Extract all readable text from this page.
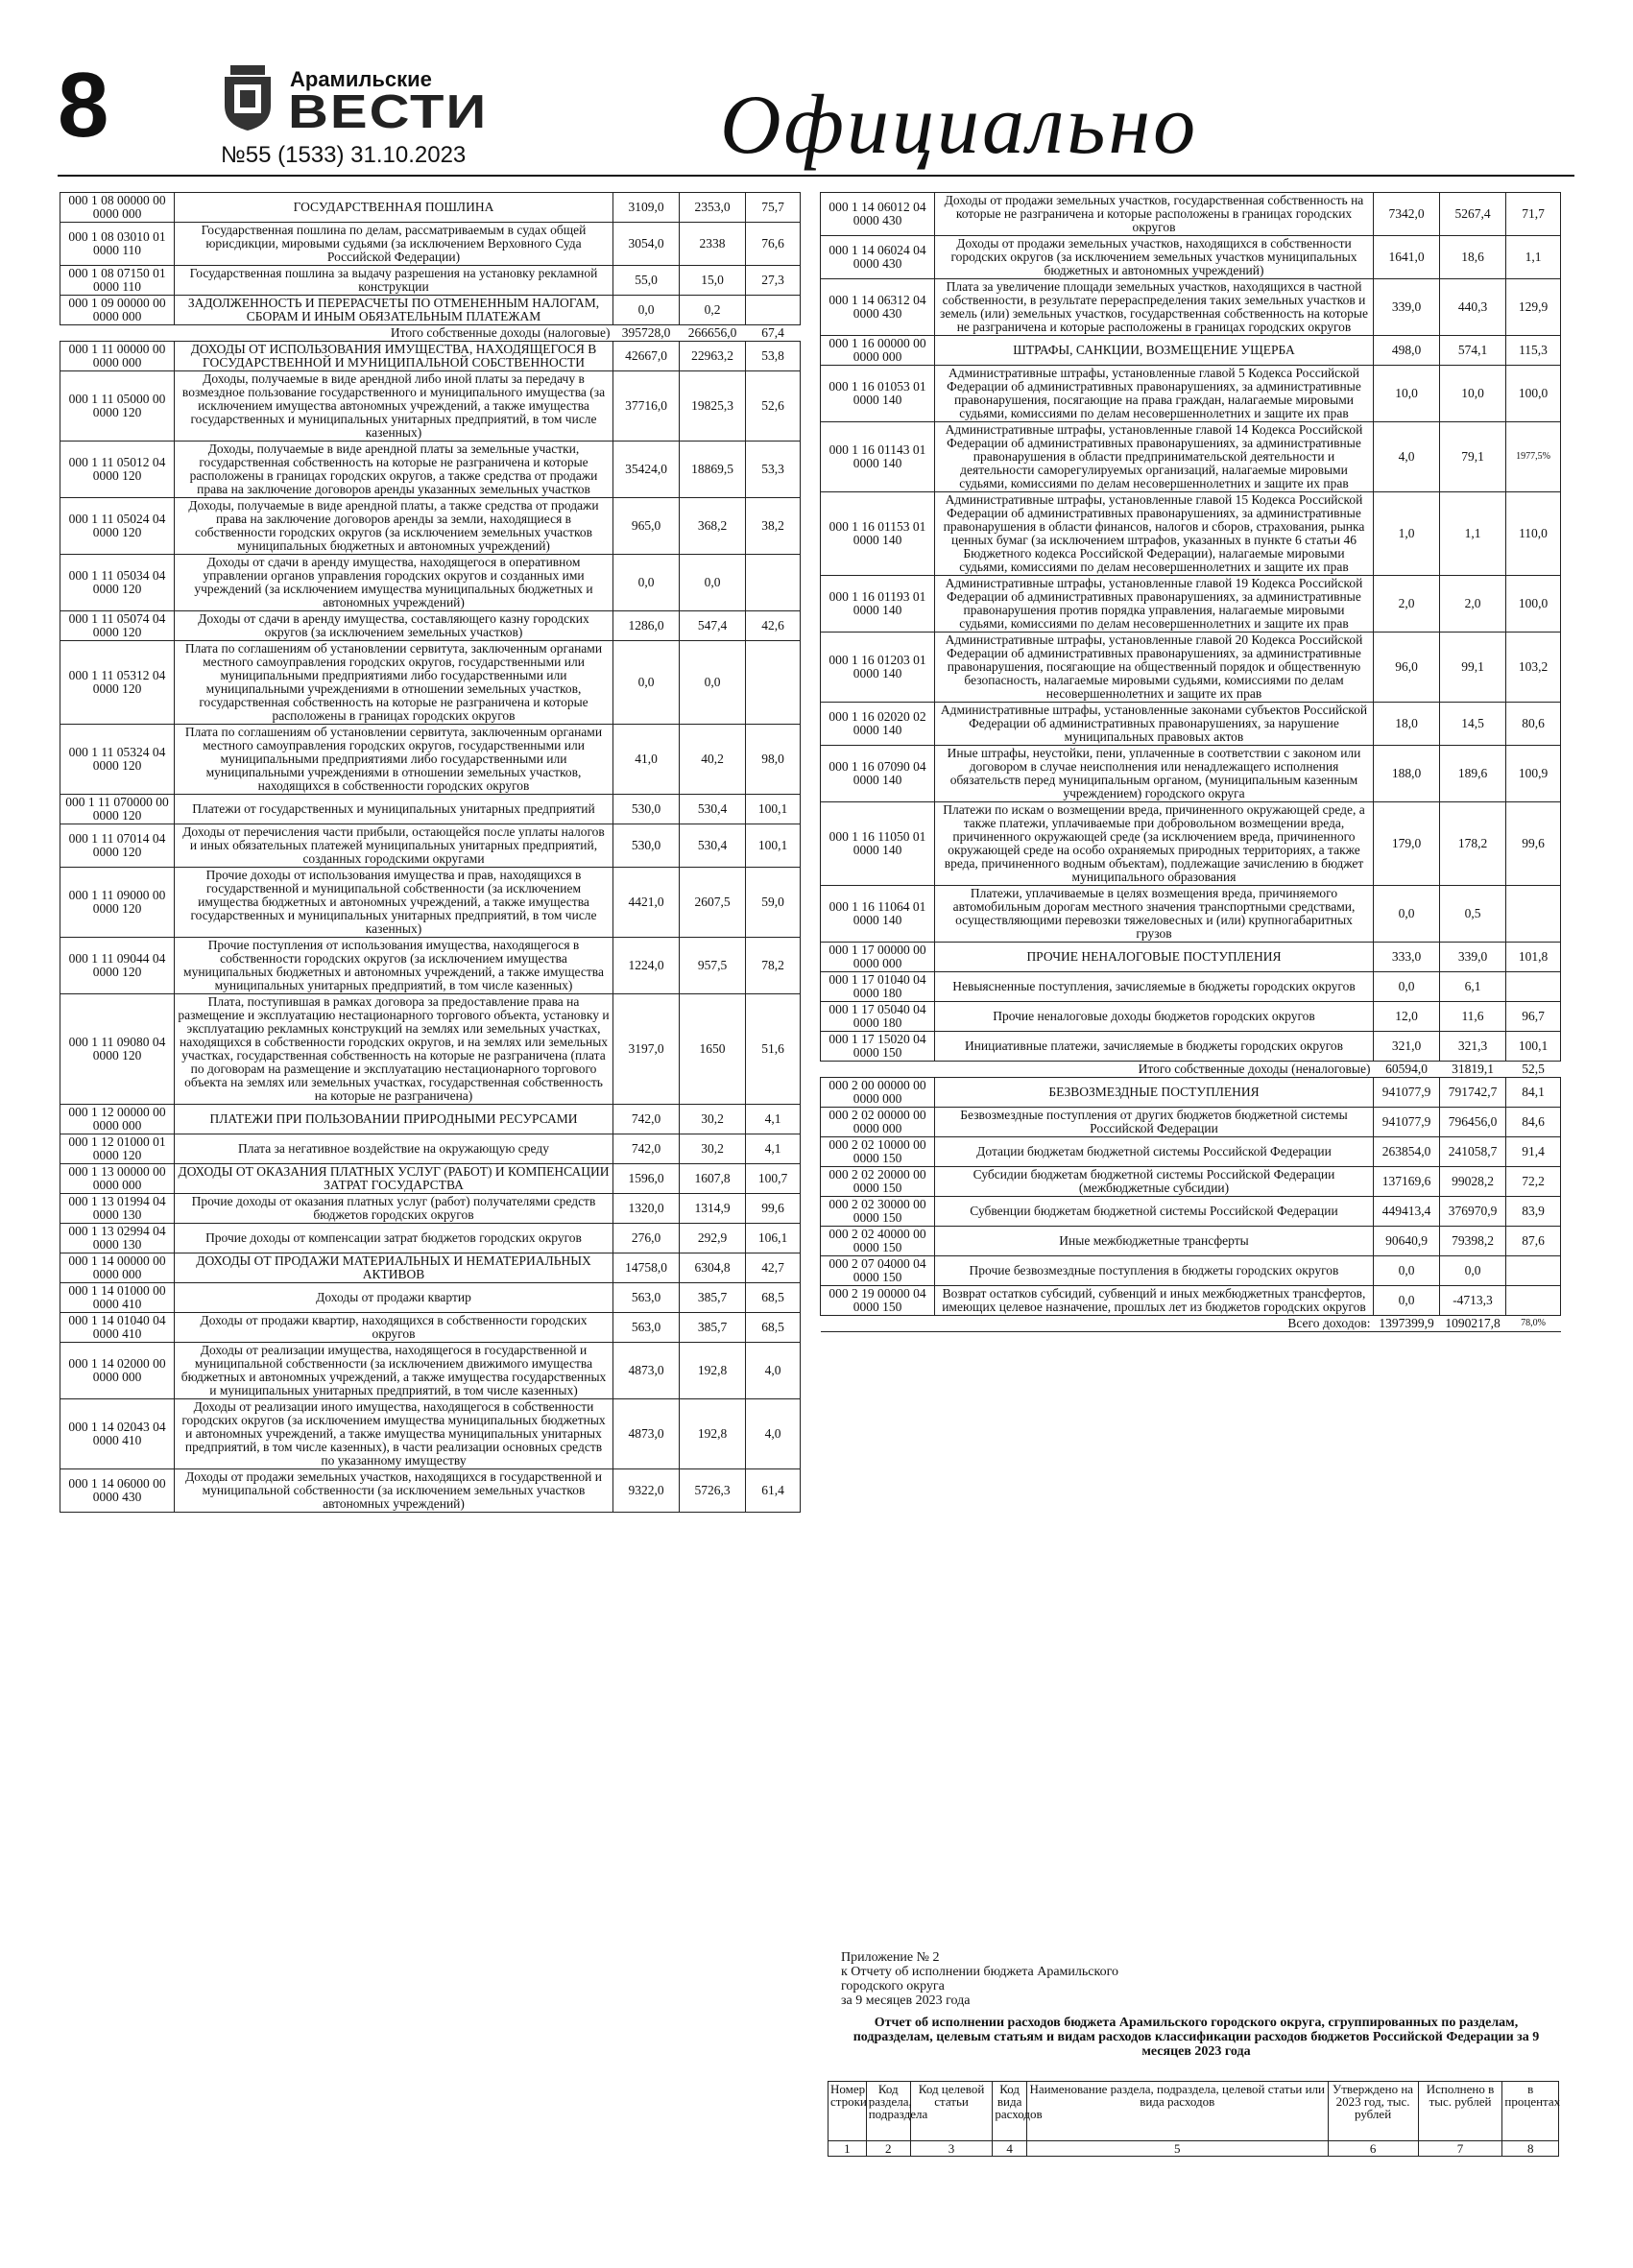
8	Арамильские
ВЕСТИ
№55 (1533) 31.10.2023	Официально
000 1 08 00000 00 0000 000	ГОСУДАРСТВЕННАЯ ПОШЛИНА	3109,0	2353,0	75,7
000 1 08 03010 01 0000 110	Государственная пошлина по делам, рассматриваемым в судах общей юрисдикции, мировыми судьями (за исключением Верховного Суда Российской Федерации)	3054,0	2338	76,6
000 1 08 07150 01 0000 110	Государственная пошлина за выдачу разрешения на установку рекламной конструкции	55,0	15,0	27,3
000 1 09 00000 00 0000 000	ЗАДОЛЖЕННОСТЬ И ПЕРЕРАСЧЕТЫ ПО ОТМЕНЕННЫМ НАЛОГАМ, СБОРАМ И ИНЫМ ОБЯЗАТЕЛЬНЫМ ПЛАТЕЖАМ	0,0	0,2	
	Итого собственные доходы (налоговые)	395728,0	266656,0	67,4
000 1 11 00000 00 0000 000	ДОХОДЫ ОТ ИСПОЛЬЗОВАНИЯ ИМУЩЕСТВА, НАХОДЯЩЕГОСЯ В ГОСУДАРСТВЕННОЙ И МУНИЦИПАЛЬНОЙ СОБСТВЕННОСТИ	42667,0	22963,2	53,8
000 1 11 05000 00 0000 120	Доходы, получаемые в виде арендной либо иной платы за передачу в возмездное пользование государственного и муниципального имущества (за исключением имущества автономных учреждений, а также имущества государственных и муниципальных унитарных предприятий, в том числе казенных)	37716,0	19825,3	52,6
000 1 11 05012 04 0000 120	Доходы, получаемые в виде арендной платы за земельные участки, государственная собственность на которые не разграничена и которые расположены в границах городских округов, а также средства от продажи права на заключение договоров аренды указанных земельных участков	35424,0	18869,5	53,3
000 1 11 05024 04 0000 120	Доходы, получаемые в виде арендной платы, а также средства от продажи права на заключение договоров аренды за земли, находящиеся в собственности городских округов (за исключением земельных участков муниципальных бюджетных и автономных учреждений)	965,0	368,2	38,2
000 1 11 05034 04 0000 120	Доходы от сдачи в аренду имущества, находящегося в оперативном управлении органов управления городских округов и созданных ими учреждений (за исключением имущества муниципальных бюджетных и автономных учреждений)	0,0	0,0	
000 1 11 05074 04 0000 120	Доходы от сдачи в аренду имущества, составляющего казну городских округов (за исключением земельных участков)	1286,0	547,4	42,6
000 1 11 05312 04 0000 120	Плата по соглашениям об установлении сервитута, заключенным органами местного самоуправления городских округов, государственными или муниципальными предприятиями либо государственными или муниципальными учреждениями в отношении земельных участков, государственная собственность на которые не разграничена и которые расположены в границах городских округов	0,0	0,0	
000 1 11 05324 04 0000 120	Плата по соглашениям об установлении сервитута, заключенным органами местного самоуправления городских округов, государственными или муниципальными предприятиями либо государственными или муниципальными учреждениями в отношении земельных участков, находящихся в собственности городских округов	41,0	40,2	98,0
000 1 11 070000 00 0000 120	Платежи от государственных и муниципальных унитарных предприятий	530,0	530,4	100,1
000 1 11 07014 04 0000 120	Доходы от перечисления части прибыли, остающейся после уплаты налогов и иных обязательных платежей муниципальных унитарных предприятий, созданных городскими округами	530,0	530,4	100,1
000 1 11 09000 00 0000 120	Прочие доходы от использования имущества и прав, находящихся в государственной и муниципальной собственности (за исключением имущества бюджетных и автономных учреждений, а также имущества государственных и муниципальных унитарных предприятий, в том числе казенных)	4421,0	2607,5	59,0
000 1 11 09044 04 0000 120	Прочие поступления от использования имущества, находящегося в собственности городских округов (за исключением имущества муниципальных бюджетных и автономных учреждений, а также имущества муниципальных унитарных предприятий, в том числе казенных)	1224,0	957,5	78,2
000 1 11 09080 04 0000 120	Плата, поступившая в рамках договора за предоставление права на размещение и эксплуатацию нестационарного торгового объекта, установку и эксплуатацию рекламных конструкций на землях или земельных участках, находящихся в собственности городских округов, и на землях или земельных участках, государственная собственность на которые не разграничена (плата по договорам на размещение и эксплуатацию нестационарного торгового объекта на землях или земельных участках, государственная собственность на которые не разграничена)	3197,0	1650	51,6
000 1 12 00000 00 0000 000	ПЛАТЕЖИ ПРИ ПОЛЬЗОВАНИИ ПРИРОДНЫМИ РЕСУРСАМИ	742,0	30,2	4,1
000 1 12 01000 01 0000 120	Плата за негативное воздействие на окружающую среду	742,0	30,2	4,1
000 1 13 00000 00 0000 000	ДОХОДЫ ОТ ОКАЗАНИЯ ПЛАТНЫХ УСЛУГ (РАБОТ) И КОМПЕНСАЦИИ ЗАТРАТ ГОСУДАРСТВА	1596,0	1607,8	100,7
000 1 13 01994 04 0000 130	Прочие доходы от оказания платных услуг (работ) получателями средств бюджетов городских округов	1320,0	1314,9	99,6
000 1 13 02994 04 0000 130	Прочие доходы от компенсации затрат бюджетов городских округов	276,0	292,9	106,1
000 1 14 00000 00 0000 000	ДОХОДЫ ОТ ПРОДАЖИ МАТЕРИАЛЬНЫХ И НЕМАТЕРИАЛЬНЫХ АКТИВОВ	14758,0	6304,8	42,7
000 1 14 01000 00 0000 410	Доходы от продажи квартир	563,0	385,7	68,5
000 1 14 01040 04 0000 410	Доходы от продажи квартир, находящихся в собственности городских округов	563,0	385,7	68,5
000 1 14 02000 00 0000 000	Доходы от реализации имущества, находящегося в государственной и муниципальной собственности (за исключением движимого имущества бюджетных и автономных учреждений, а также имущества государственных и муниципальных унитарных предприятий, в том числе казенных)	4873,0	192,8	4,0
000 1 14 02043 04 0000 410	Доходы от реализации иного имущества, находящегося в собственности городских округов (за исключением имущества муниципальных бюджетных и автономных учреждений, а также имущества муниципальных унитарных предприятий, в том числе казенных), в части реализации основных средств по указанному имуществу	4873,0	192,8	4,0
000 1 14 06000 00 0000 430	Доходы от продажи земельных участков, находящихся в государственной и муниципальной собственности (за исключением земельных участков автономных учреждений)	9322,0	5726,3	61,4
000 1 14 06012 04 0000 430	Доходы от продажи земельных участков, государственная собственность на которые не разграничена и которые расположены в границах городских округов	7342,0	5267,4	71,7
000 1 14 06024 04 0000 430	Доходы от продажи земельных участков, находящихся в собственности городских округов (за исключением земельных участков муниципальных бюджетных и автономных учреждений)	1641,0	18,6	1,1
000 1 14 06312 04 0000 430	Плата за увеличение площади земельных участков, находящихся в частной собственности, в результате перераспределения таких земельных участков и земель (или) земельных участков, государственная собственность на которые не разграничена и которые расположены в границах городских округов	339,0	440,3	129,9
000 1 16 00000 00 0000 000	ШТРАФЫ, САНКЦИИ, ВОЗМЕЩЕНИЕ УЩЕРБА	498,0	574,1	115,3
000 1 16 01053 01 0000 140	Административные штрафы, установленные главой 5 Кодекса Российской Федерации об административных правонарушениях, за административные правонарушения, посягающие на права граждан, налагаемые мировыми судьями, комиссиями по делам несовершеннолетних и защите их прав	10,0	10,0	100,0
000 1 16 01143 01 0000 140	Административные штрафы, установленные главой 14 Кодекса Российской Федерации об административных правонарушениях, за административные правонарушения в области предпринимательской деятельности и деятельности саморегулируемых организаций, налагаемые мировыми судьями, комиссиями по делам несовершеннолетних и защите их прав	4,0	79,1	1977,5%
000 1 16 01153 01 0000 140	Административные штрафы, установленные главой 15 Кодекса Российской Федерации об административных правонарушениях, за административные правонарушения в области финансов, налогов и сборов, страхования, рынка ценных бумаг (за исключением штрафов, указанных в пункте 6 статьи 46 Бюджетного кодекса Российской Федерации), налагаемые мировыми судьями, комиссиями по делам несовершеннолетних и защите их прав	1,0	1,1	110,0
000 1 16 01193 01 0000 140	Административные штрафы, установленные главой 19 Кодекса Российской Федерации об административных правонарушениях, за административные правонарушения против порядка управления, налагаемые мировыми судьями, комиссиями по делам несовершеннолетних и защите их прав	2,0	2,0	100,0
000 1 16 01203 01 0000 140	Административные штрафы, установленные главой 20 Кодекса Российской Федерации об административных правонарушениях, за административные правонарушения, посягающие на общественный порядок и общественную безопасность, налагаемые мировыми судьями, комиссиями по делам несовершеннолетних и защите их прав	96,0	99,1	103,2
000 1 16 02020 02 0000 140	Административные штрафы, установленные законами субъектов Российской Федерации об административных правонарушениях, за нарушение муниципальных правовых актов	18,0	14,5	80,6
000 1 16 07090 04 0000 140	Иные штрафы, неустойки, пени, уплаченные в соответствии с законом или договором в случае неисполнения или ненадлежащего исполнения обязательств перед муниципальным органом, (муниципальным казенным учреждением) городского округа	188,0	189,6	100,9
000 1 16 11050 01 0000 140	Платежи по искам о возмещении вреда, причиненного окружающей среде, а также платежи, уплачиваемые при добровольном возмещении вреда, причиненного окружающей среде (за исключением вреда, причиненного окружающей среде на особо охраняемых природных территориях, а также вреда, причиненного водным объектам), подлежащие зачислению в бюджет муниципального образования	179,0	178,2	99,6
000 1 16 11064 01 0000 140	Платежи, уплачиваемые в целях возмещения вреда, причиняемого автомобильным дорогам местного значения транспортными средствами, осуществляющими перевозки тяжеловесных и (или) крупногабаритных грузов	0,0	0,5	
000 1 17 00000 00 0000 000	ПРОЧИЕ НЕНАЛОГОВЫЕ ПОСТУПЛЕНИЯ	333,0	339,0	101,8
000 1 17 01040 04 0000 180	Невыясненные поступления, зачисляемые в бюджеты городских округов	0,0	6,1	
000 1 17 05040 04 0000 180	Прочие неналоговые доходы бюджетов городских округов	12,0	11,6	96,7
000 1 17 15020 04 0000 150	Инициативные платежи, зачисляемые в бюджеты городских округов	321,0	321,3	100,1
	Итого собственные доходы (неналоговые)	60594,0	31819,1	52,5
000 2 00 00000 00 0000 000	БЕЗВОЗМЕЗДНЫЕ ПОСТУПЛЕНИЯ	941077,9	791742,7	84,1
000 2 02 00000 00 0000 000	Безвозмездные поступления от других бюджетов бюджетной системы Российской Федерации	941077,9	796456,0	84,6
000 2 02 10000 00 0000 150	Дотации бюджетам бюджетной системы Российской Федерации	263854,0	241058,7	91,4
000 2 02 20000 00 0000 150	Субсидии бюджетам бюджетной системы Российской Федерации (межбюджетные субсидии)	137169,6	99028,2	72,2
000 2 02 30000 00 0000 150	Субвенции бюджетам бюджетной системы Российской Федерации	449413,4	376970,9	83,9
000 2 02 40000 00 0000 150	Иные межбюджетные трансферты	90640,9	79398,2	87,6
000 2 07 04000 04 0000 150	Прочие безвозмездные поступления в бюджеты городских округов	0,0	0,0	
000 2 19 00000 04 0000 150	Возврат остатков субсидий, субвенций и иных межбюджетных трансфертов, имеющих целевое назначение, прошлых лет из бюджетов городских округов	0,0	-4713,3	
	Всего доходов:	1397399,9	1090217,8	78,0%
Приложение № 2
к Отчету об исполнении бюджета Арамильского
городского округа
за 9 месяцев 2023 года
Отчет об исполнении расходов бюджета Арамильского городского округа, сгруппированных по разделам, подразделам, целевым статьям и видам расходов классификации расходов бюджетов Российской Федерации за 9 месяцев 2023 года
Номер строки	Код раздела, подраздела	Код целевой статьи	Код вида расходов	Наименование раздела, подраздела, целевой статьи или вида расходов	Утверждено на 2023 год, тыс. рублей	Исполнено в тыс. рублей	в процентах
1	2	3	4	5	6	7	8
